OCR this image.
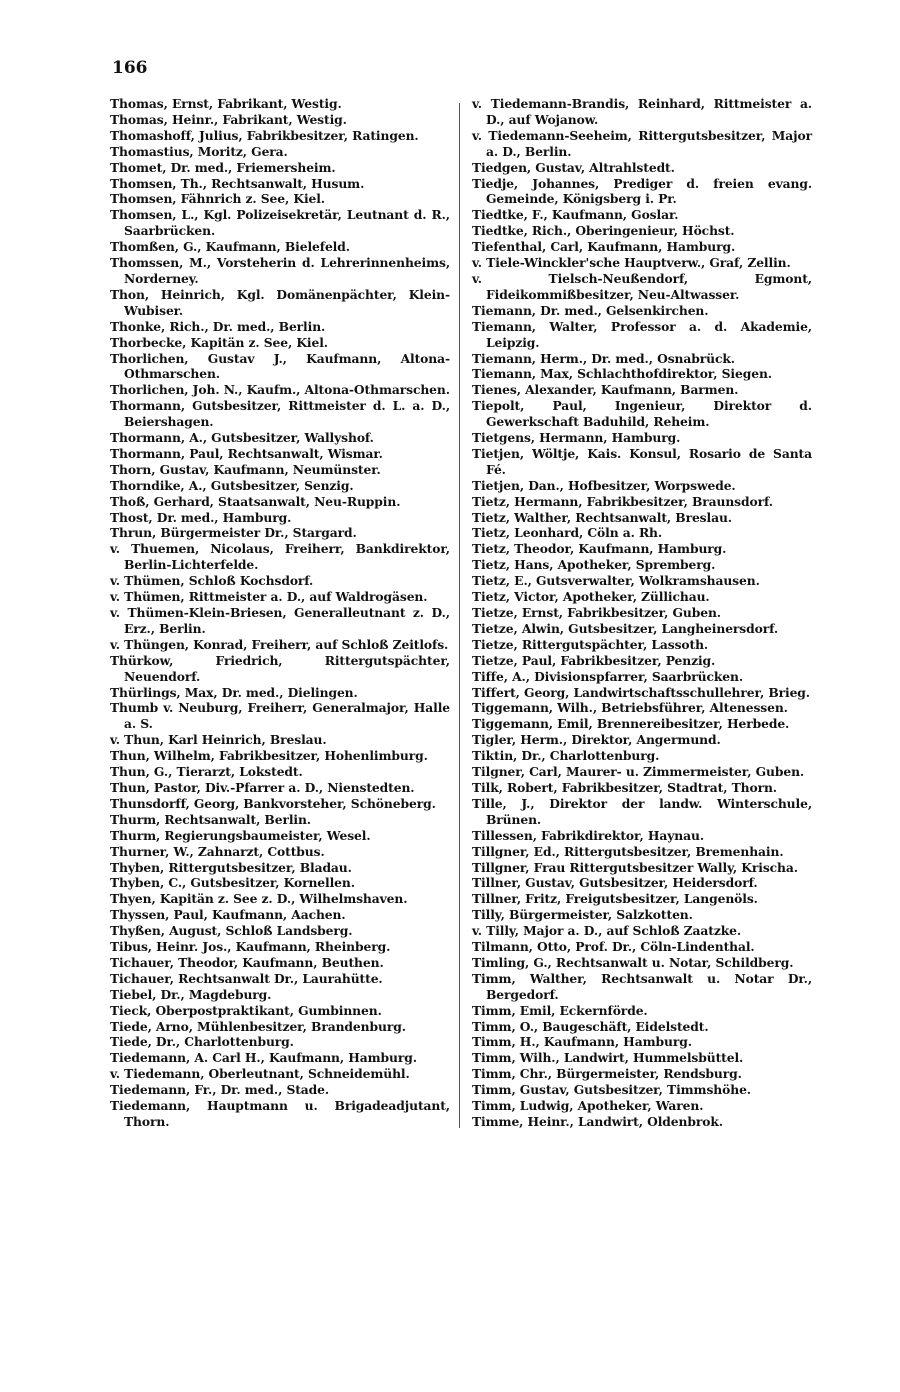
166
Thomas, Ernst, Fabrikant, Westig.
Thomas, Heinr., Fabrikant, Westig.
Thomashoff, Julius, Fabrikbesitzer, Ratingen.
Thomastius, Moritz, Gera.
Thomet, Dr. med., Friemersheim.
Thomsen, Th., Rechtsanwalt, Husum.
Thomsen, Fähnrich z. See, Kiel.
Thomsen, L., Kgl. Polizeisekretär, Leutnant d. R., Saarbrücken.
Thomßen, G., Kaufmann, Bielefeld.
Thomssen, M., Vorsteherin d. Lehrerinnenheims, Norderney.
Thon, Heinrich, Kgl. Domänenpächter, Klein-Wubiser.
Thonke, Rich., Dr. med., Berlin.
Thorbecke, Kapitän z. See, Kiel.
Thorlichen, Gustav J., Kaufmann, Altona-Othmarschen.
Thorlichen, Joh. N., Kaufm., Altona-Othmarschen.
Thormann, Gutsbesitzer, Rittmeister d. L. a. D., Beiershagen.
Thormann, A., Gutsbesitzer, Wallyshof.
Thormann, Paul, Rechtsanwalt, Wismar.
Thorn, Gustav, Kaufmann, Neumünster.
Thorndike, A., Gutsbesitzer, Senzig.
Thoß, Gerhard, Staatsanwalt, Neu-Ruppin.
Thost, Dr. med., Hamburg.
Thrun, Bürgermeister Dr., Stargard.
v. Thuemen, Nicolaus, Freiherr, Bankdirektor, Berlin-Lichterfelde.
v. Thümen, Schloß Kochsdorf.
v. Thümen, Rittmeister a. D., auf Waldrogäsen.
v. Thümen-Klein-Briesen, Generalleutnant z. D., Erz., Berlin.
v. Thüngen, Konrad, Freiherr, auf Schloß Zeitlofs.
Thürkow, Friedrich, Rittergutspächter, Neuendorf.
Thürlings, Max, Dr. med., Dielingen.
Thumb v. Neuburg, Freiherr, Generalmajor, Halle a. S.
v. Thun, Karl Heinrich, Breslau.
Thun, Wilhelm, Fabrikbesitzer, Hohenlimburg.
Thun, G., Tierarzt, Lokstedt.
Thun, Pastor, Div.-Pfarrer a. D., Nienstedten.
Thunsdorff, Georg, Bankvorsteher, Schöneberg.
Thurm, Rechtsanwalt, Berlin.
Thurm, Regierungsbaumeister, Wesel.
Thurner, W., Zahnarzt, Cottbus.
Thyben, Rittergutsbesitzer, Bladau.
Thyben, C., Gutsbesitzer, Kornellen.
Thyen, Kapitän z. See z. D., Wilhelmshaven.
Thyssen, Paul, Kaufmann, Aachen.
Thyßen, August, Schloß Landsberg.
Tibus, Heinr. Jos., Kaufmann, Rheinberg.
Tichauer, Theodor, Kaufmann, Beuthen.
Tichauer, Rechtsanwalt Dr., Laurahütte.
Tiebel, Dr., Magdeburg.
Tieck, Oberpostpraktikant, Gumbinnen.
Tiede, Arno, Mühlenbesitzer, Brandenburg.
Tiede, Dr., Charlottenburg.
Tiedemann, A. Carl H., Kaufmann, Hamburg.
v. Tiedemann, Oberleutnant, Schneidemühl.
Tiedemann, Fr., Dr. med., Stade.
Tiedemann, Hauptmann u. Brigadeadjutant, Thorn.
v. Tiedemann-Brandis, Reinhard, Rittmeister a. D., auf Wojanow.
v. Tiedemann-Seeheim, Rittergutsbesitzer, Major a. D., Berlin.
Tiedgen, Gustav, Altrahlstedt.
Tiedje, Johannes, Prediger d. freien evang. Gemeinde, Königsberg i. Pr.
Tiedtke, F., Kaufmann, Goslar.
Tiedtke, Rich., Oberingenieur, Höchst.
Tiefenthal, Carl, Kaufmann, Hamburg.
v. Tiele-Winckler'sche Hauptverw., Graf, Zellin.
v. Tielsch-Neußendorf, Egmont, Fideikommißbesitzer, Neu-Altwasser.
Tiemann, Dr. med., Gelsenkirchen.
Tiemann, Walter, Professor a. d. Akademie, Leipzig.
Tiemann, Herm., Dr. med., Osnabrück.
Tiemann, Max, Schlachthofdirektor, Siegen.
Tienes, Alexander, Kaufmann, Barmen.
Tiepolt, Paul, Ingenieur, Direktor d. Gewerkschaft Baduhild, Reheim.
Tietgens, Hermann, Hamburg.
Tietjen, Wöltje, Kais. Konsul, Rosario de Santa Fé.
Tietjen, Dan., Hofbesitzer, Worpswede.
Tietz, Hermann, Fabrikbesitzer, Braunsdorf.
Tietz, Walther, Rechtsanwalt, Breslau.
Tietz, Leonhard, Cöln a. Rh.
Tietz, Theodor, Kaufmann, Hamburg.
Tietz, Hans, Apotheker, Spremberg.
Tietz, E., Gutsverwalter, Wolkramshausen.
Tietz, Victor, Apotheker, Züllichau.
Tietze, Ernst, Fabrikbesitzer, Guben.
Tietze, Alwin, Gutsbesitzer, Langheinersdorf.
Tietze, Rittergutspächter, Lassoth.
Tietze, Paul, Fabrikbesitzer, Penzig.
Tiffe, A., Divisionspfarrer, Saarbrücken.
Tiffert, Georg, Landwirtschaftsschullehrer, Brieg.
Tiggemann, Wilh., Betriebsführer, Altenessen.
Tiggemann, Emil, Brennereibesitzer, Herbede.
Tigler, Herm., Direktor, Angermund.
Tiktin, Dr., Charlottenburg.
Tilgner, Carl, Maurer- u. Zimmermeister, Guben.
Tilk, Robert, Fabrikbesitzer, Stadtrat, Thorn.
Tille, J., Direktor der landw. Winterschule, Brünen.
Tillessen, Fabrikdirektor, Haynau.
Tillgner, Ed., Rittergutsbesitzer, Bremenhain.
Tillgner, Frau Rittergutsbesitzer Wally, Krischa.
Tillner, Gustav, Gutsbesitzer, Heidersdorf.
Tillner, Fritz, Freigutsbesitzer, Langenöls.
Tilly, Bürgermeister, Salzkotten.
v. Tilly, Major a. D., auf Schloß Zaatzke.
Tilmann, Otto, Prof. Dr., Cöln-Lindenthal.
Timling, G., Rechtsanwalt u. Notar, Schildberg.
Timm, Walther, Rechtsanwalt u. Notar Dr., Bergedorf.
Timm, Emil, Eckernförde.
Timm, O., Baugeschäft, Eidelstedt.
Timm, H., Kaufmann, Hamburg.
Timm, Wilh., Landwirt, Hummelsbüttel.
Timm, Chr., Bürgermeister, Rendsburg.
Timm, Gustav, Gutsbesitzer, Timmshöhe.
Timm, Ludwig, Apotheker, Waren.
Timme, Heinr., Landwirt, Oldenbrok.
